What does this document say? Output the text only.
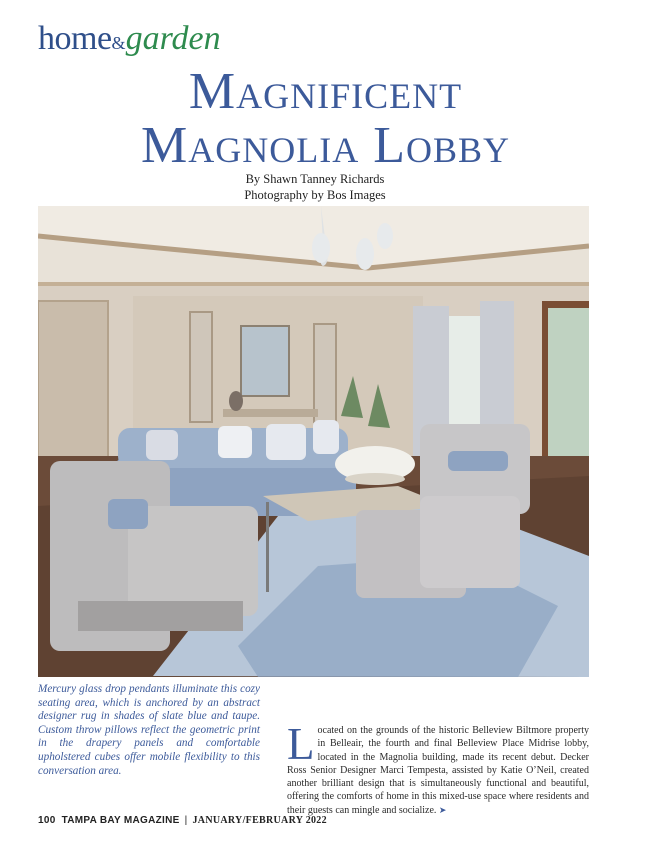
home&garden
Magnificent
Magnolia Lobby
By Shawn Tanney Richards
Photography by Bos Images
Mercury glass drop pendants illuminate this cozy seating area, which is anchored by an abstract designer rug in shades of slate blue and taupe. Custom throw pillows reflect the geometric print in the drapery panels and comfortable upholstered cubes offer mobile flexibility to this conversation area.
Located on the grounds of the historic Belleview Biltmore property in Belleair, the fourth and final Belleview Place Midrise lobby, located in the Magnolia building, made its recent debut. Decker Ross Senior Designer Marci Tempesta, assisted by Katie O’Neil, created another brilliant design that is simultaneously functional and beautiful, offering the comforts of home in this mixed-use space where residents and their guests can mingle and socialize. ➤
100 TAMPA BAY MAGAZINE | JANUARY/FEBRUARY 2022
